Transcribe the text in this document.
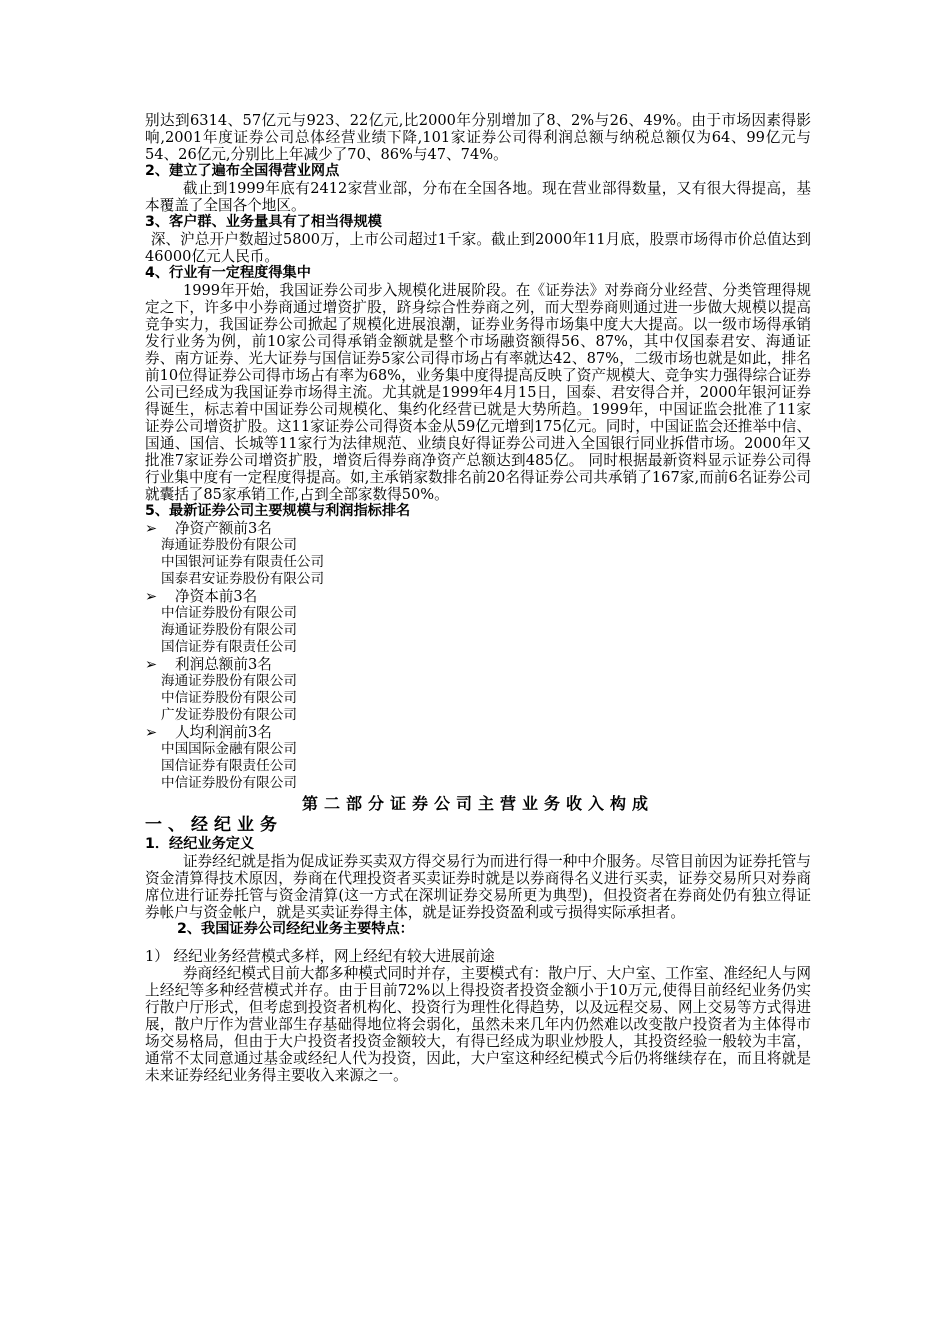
别达到6314、57亿元与923、22亿元,比2000年分别增加了8、2%与26、49%。由于市场因素得影响,2001年度证券公司总体经营业绩下降,101家证券公司得利润总额与纳税总额仅为64、99亿元与54、26亿元,分别比上年减少了70、86%与47、74%。

2、建立了遍布全国得营业网点

截止到1999年底有2412家营业部，分布在全国各地。现在营业部得数量，又有很大得提高，基本覆盖了全国各个地区。

3、客户群、业务量具有了相当得规模

深、沪总开户数超过5800万，上市公司超过1千家。截止到2000年11月底，股票市场得市价总值达到46000亿元人民币。

4、行业有一定程度得集中

1999年开始，我国证券公司步入规模化进展阶段。在《证券法》对券商分业经营、分类管理得规定之下，许多中小券商通过增资扩股，跻身综合性券商之列，而大型券商则通过进一步做大规模以提高竞争实力，我国证券公司掀起了规模化进展浪潮，证券业务得市场集中度大大提高。以一级市场得承销发行业务为例，前10家公司得承销金额就是整个市场融资额得56、87%，其中仅国泰君安、海通证券、南方证券、光大证券与国信证券5家公司得市场占有率就达42、87%，二级市场也就是如此，排名前10位得证券公司得市场占有率为68%，业务集中度得提高反映了资产规模大、竞争实力强得综合证券公司已经成为我国证券市场得主流。尤其就是1999年4月15日，国泰、君安得合并，2000年银河证券得诞生，标志着中国证券公司规模化、集约化经营已就是大势所趋。1999年，中国证监会批准了11家证券公司增资扩股。这11家证券公司得资本金从59亿元增到175亿元。同时，中国证监会还推举中信、国通、国信、长城等11家行为法律规范、业绩良好得证券公司进入全国银行同业拆借市场。2000年又批准7家证券公司增资扩股，增资后得券商净资产总额达到485亿。 同时根据最新资料显示证券公司得行业集中度有一定程度得提高。如,主承销家数排名前20名得证券公司共承销了167家,而前6名证券公司就囊括了85家承销工作,占到全部家数得50%。

5、最新证券公司主要规模与利润指标排名

➢	净资产额前3名

海通证券股份有限公司

中国银河证券有限责任公司

国泰君安证券股份有限公司

➢	净资本前3名

中信证券股份有限公司

海通证券股份有限公司

国信证券有限责任公司

➢	利润总额前3名

海通证券股份有限公司

中信证券股份有限公司

广发证券股份有限公司

➢	人均利润前3名

中国国际金融有限公司

国信证券有限责任公司

中信证券股份有限公司

第二部分证券公司主营业务收入构成

一、经纪业务

1．经纪业务定义

证券经纪就是指为促成证券买卖双方得交易行为而进行得一种中介服务。尽管目前因为证券托管与资金清算得技术原因，券商在代理投资者买卖证券时就是以券商得名义进行买卖，证券交易所只对券商席位进行证券托管与资金清算(这一方式在深圳证券交易所更为典型)，但投资者在券商处仍有独立得证券帐户与资金帐户，就是买卖证券得主体，就是证券投资盈利或亏损得实际承担者。

2、我国证券公司经纪业务主要特点：

1） 经纪业务经营模式多样，网上经纪有较大进展前途

券商经纪模式目前大都多种模式同时并存，主要模式有：散户厅、大户室、工作室、准经纪人与网上经纪等多种经营模式并存。由于目前72%以上得投资者投资金额小于10万元,使得目前经纪业务仍实行散户厅形式，但考虑到投资者机构化、投资行为理性化得趋势，以及远程交易、网上交易等方式得进展，散户厅作为营业部生存基础得地位将会弱化，虽然未来几年内仍然难以改变散户投资者为主体得市场交易格局，但由于大户投资者投资金额较大，有得已经成为职业炒股人，其投资经验一般较为丰富，通常不太同意通过基金或经纪人代为投资，因此，大户室这种经纪模式今后仍将继续存在，而且将就是未来证券经纪业务得主要收入来源之一。
